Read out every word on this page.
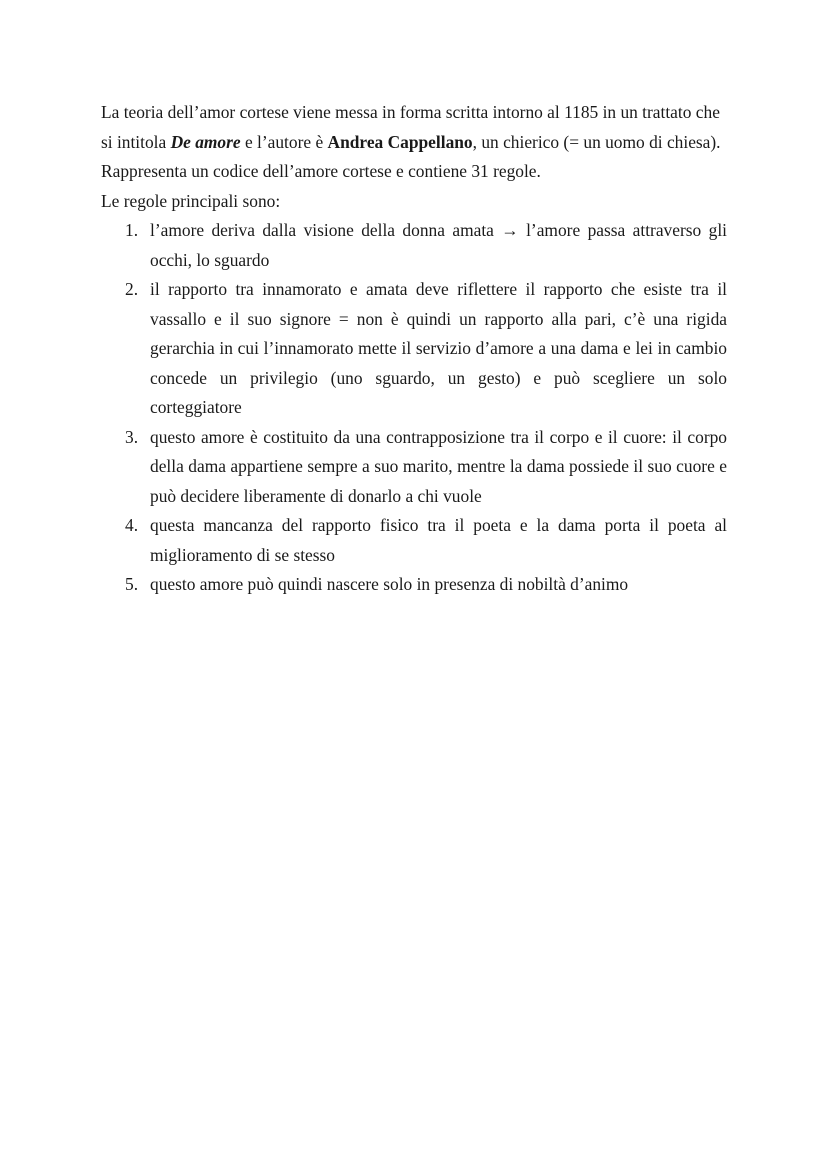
La teoria dell’amor cortese viene messa in forma scritta intorno al 1185 in un trattato che si intitola De amore e l’autore è Andrea Cappellano, un chierico (= un uomo di chiesa). Rappresenta un codice dell’amore cortese e contiene 31 regole.

Le regole principali sono:

1. l’amore deriva dalla visione della donna amata → l’amore passa attraverso gli occhi, lo sguardo
2. il rapporto tra innamorato e amata deve riflettere il rapporto che esiste tra il vassallo e il suo signore = non è quindi un rapporto alla pari, c’è una rigida gerarchia in cui l’innamorato mette il servizio d’amore a una dama e lei in cambio concede un privilegio (uno sguardo, un gesto) e può scegliere un solo corteggiatore
3. questo amore è costituito da una contrapposizione tra il corpo e il cuore: il corpo della dama appartiene sempre a suo marito, mentre la dama possiede il suo cuore e può decidere liberamente di donarlo a chi vuole
4. questa mancanza del rapporto fisico tra il poeta e la dama porta il poeta al miglioramento di se stesso
5. questo amore può quindi nascere solo in presenza di nobiltà d’animo
